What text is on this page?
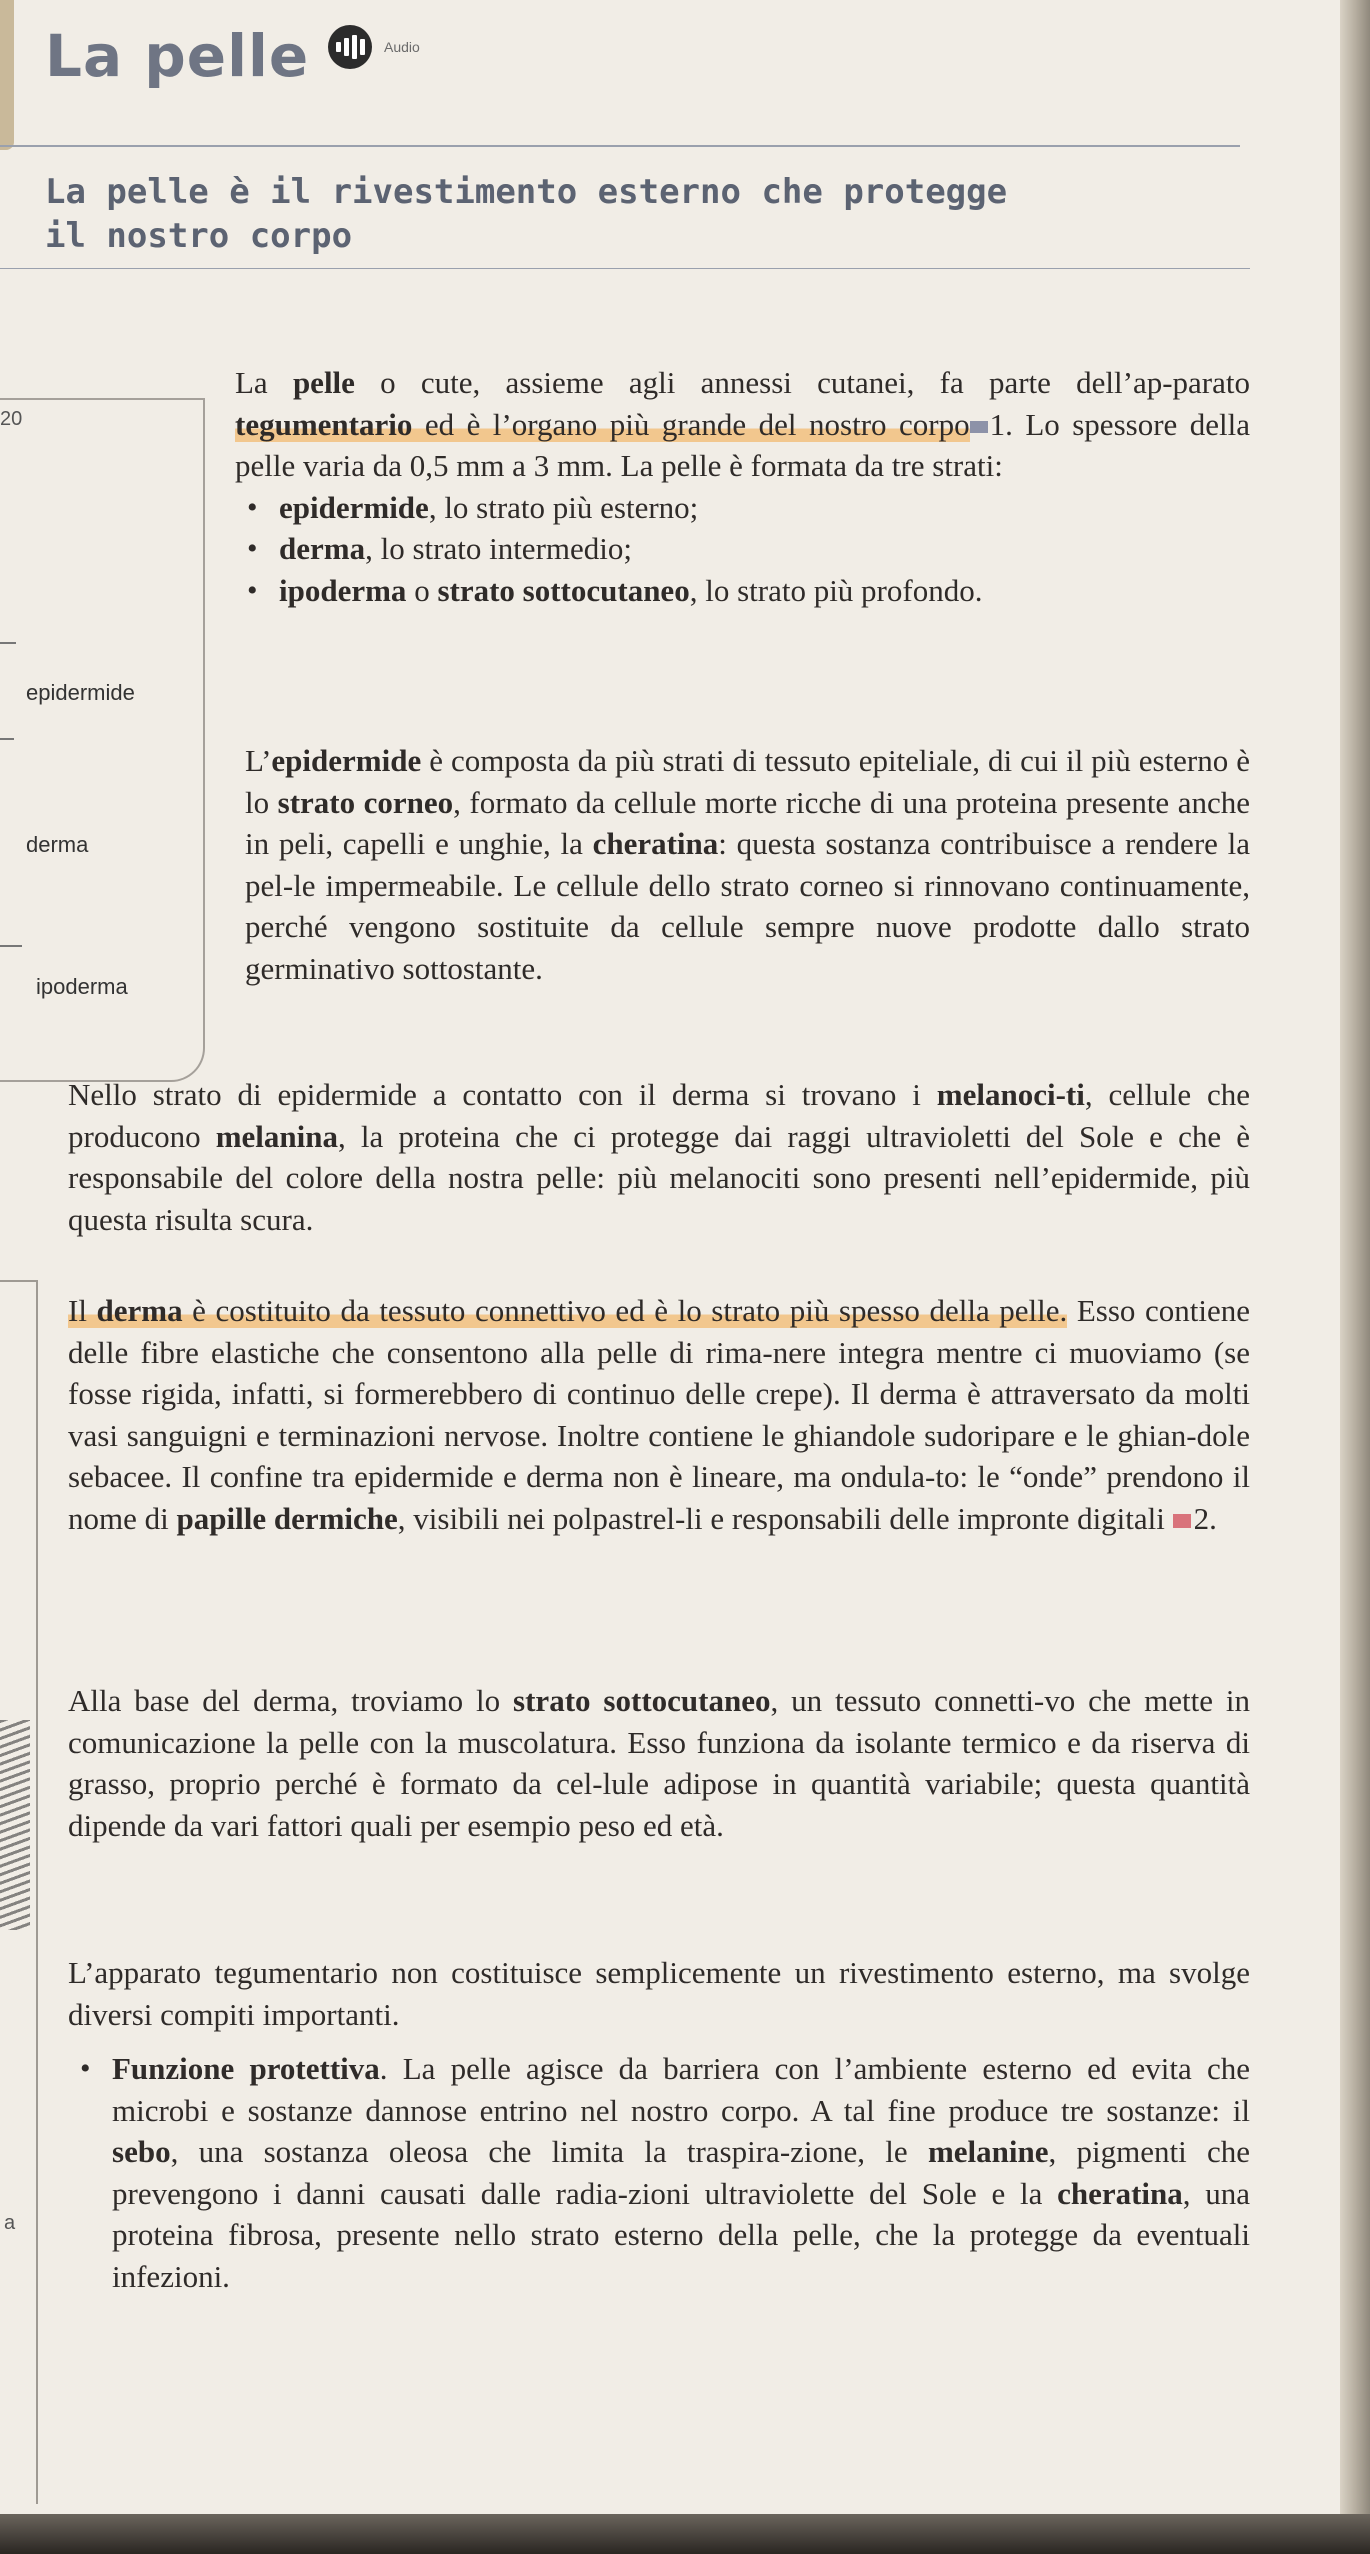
La pelle	Audio
La pelle è il rivestimento esterno che protegge il nostro corpo
20
epidermide
derma
ipoderma
a
La pelle o cute, assieme agli annessi cutanei, fa parte dell’ap-parato tegumentario ed è l’organo più grande del nostro corpo 1. Lo spessore della pelle varia da 0,5 mm a 3 mm. La pelle è formata da tre strati:
• epidermide, lo strato più esterno;
• derma, lo strato intermedio;
• ipoderma o strato sottocutaneo, lo strato più profondo.
L’epidermide è composta da più strati di tessuto epiteliale, di cui il più esterno è lo strato corneo, formato da cellule morte ricche di una proteina presente anche in peli, capelli e unghie, la cheratina: questa sostanza contribuisce a rendere la pel-le impermeabile. Le cellule dello strato corneo si rinnovano continuamente, perché vengono sostituite da cellule sempre nuove prodotte dallo strato germinativo sottostante.
Nello strato di epidermide a contatto con il derma si trovano i melanoci-ti, cellule che producono melanina, la proteina che ci protegge dai raggi ultravioletti del Sole e che è responsabile del colore della nostra pelle: più melanociti sono presenti nell’epidermide, più questa risulta scura.
Il derma è costituito da tessuto connettivo ed è lo strato più spesso della pelle. Esso contiene delle fibre elastiche che consentono alla pelle di rima-nere integra mentre ci muoviamo (se fosse rigida, infatti, si formerebbero di continuo delle crepe). Il derma è attraversato da molti vasi sanguigni e terminazioni nervose. Inoltre contiene le ghiandole sudoripare e le ghian-dole sebacee. Il confine tra epidermide e derma non è lineare, ma ondula-to: le “onde” prendono il nome di papille dermiche, visibili nei polpastrel-li e responsabili delle impronte digitali 2.
Alla base del derma, troviamo lo strato sottocutaneo, un tessuto connetti-vo che mette in comunicazione la pelle con la muscolatura. Esso funziona da isolante termico e da riserva di grasso, proprio perché è formato da cel-lule adipose in quantità variabile; questa quantità dipende da vari fattori quali per esempio peso ed età.
L’apparato tegumentario non costituisce semplicemente un rivestimento esterno, ma svolge diversi compiti importanti.
• Funzione protettiva. La pelle agisce da barriera con l’ambiente esterno ed evita che microbi e sostanze dannose entrino nel nostro corpo. A tal fine produce tre sostanze: il sebo, una sostanza oleosa che limita la traspira-zione, le melanine, pigmenti che prevengono i danni causati dalle radia-zioni ultraviolette del Sole e la cheratina, una proteina fibrosa, presente nello strato esterno della pelle, che la protegge da eventuali infezioni.
